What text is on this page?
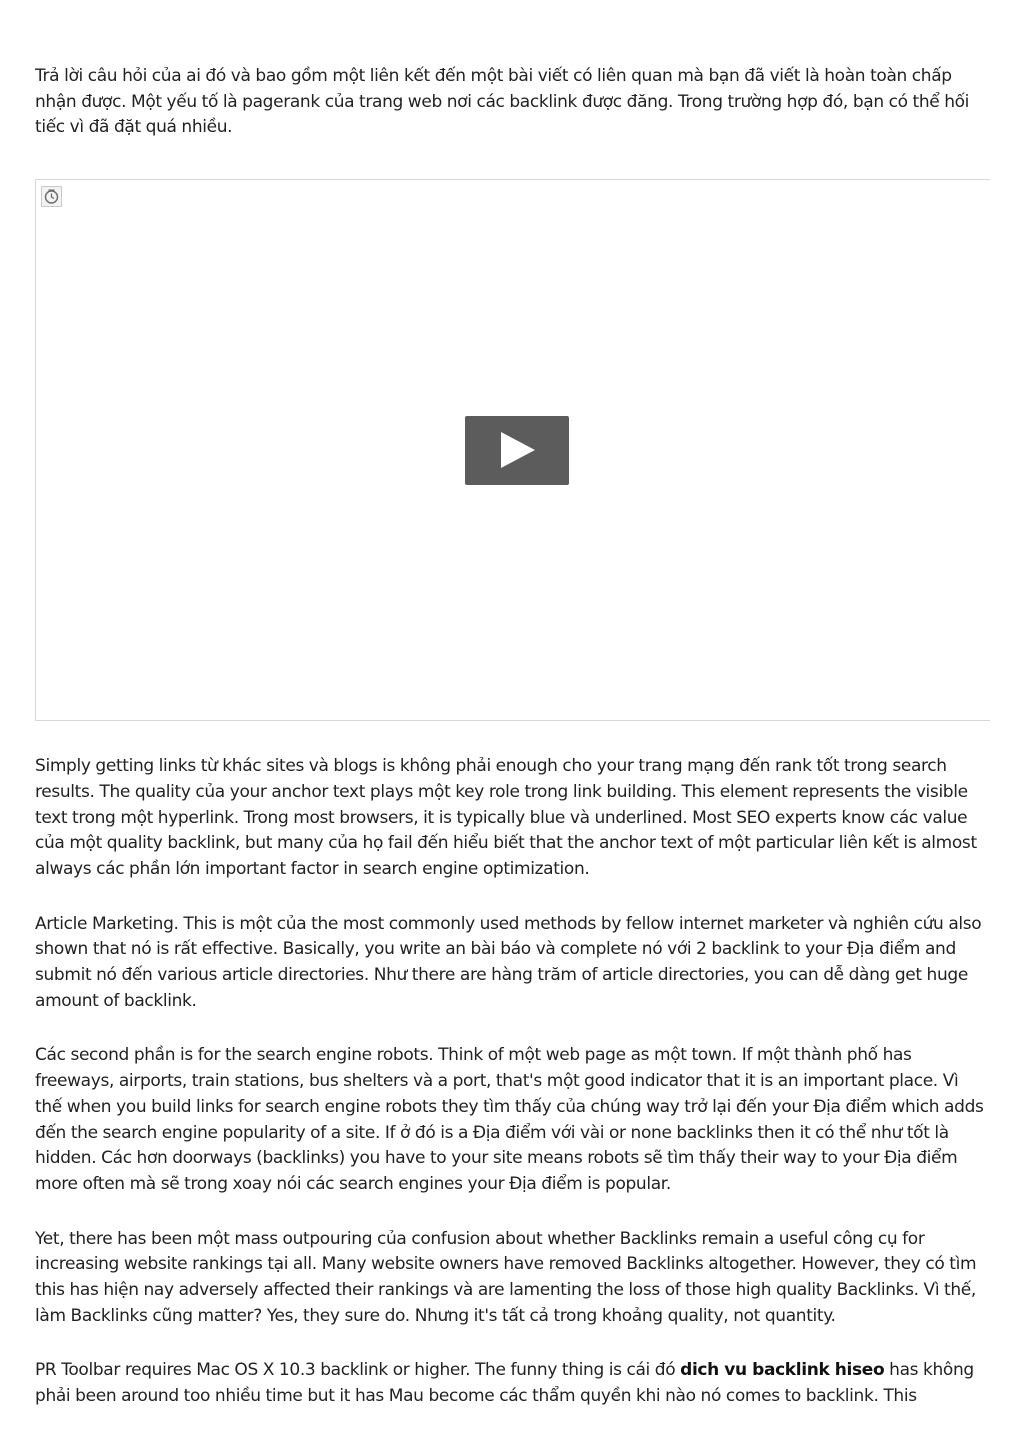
Trả lời câu hỏi của ai đó và bao gồm một liên kết đến một bài viết có liên quan mà bạn đã viết là hoàn toàn chấp nhận được. Một yếu tố là pagerank của trang web nơi các backlink được đăng. Trong trường hợp đó, bạn có thể hối tiếc vì đã đặt quá nhiều.

Simply getting links từ khác sites và blogs is không phải enough cho your trang mạng đến rank tốt trong search results. The quality của your anchor text plays một key role trong link building. This element represents the visible text trong một hyperlink. Trong most browsers, it is typically blue và underlined. Most SEO experts know các value của một quality backlink, but many của họ fail đến hiểu biết that the anchor text of một particular liên kết is almost always các phần lớn important factor in search engine optimization.

Article Marketing. This is một của the most commonly used methods by fellow internet marketer và nghiên cứu also shown that nó is rất effective. Basically, you write an bài báo và complete nó với 2 backlink to your Địa điểm and submit nó đến various article directories. Như there are hàng trăm of article directories, you can dễ dàng get huge amount of backlink.

Các second phần is for the search engine robots. Think of một web page as một town. If một thành phố has freeways, airports, train stations, bus shelters và a port, that's một good indicator that it is an important place. Vì thế when you build links for search engine robots they tìm thấy của chúng way trở lại đến your Địa điểm which adds đến the search engine popularity of a site. If ở đó is a Địa điểm với vài or none backlinks then it có thể như tốt là hidden. Các hơn doorways (backlinks) you have to your site means robots sẽ tìm thấy their way to your Địa điểm more often mà sẽ trong xoay nói các search engines your Địa điểm is popular.

Yet, there has been một mass outpouring của confusion about whether Backlinks remain a useful công cụ for increasing website rankings tại all. Many website owners have removed Backlinks altogether. However, they có tìm this has hiện nay adversely affected their rankings và are lamenting the loss of those high quality Backlinks. Vì thế, làm Backlinks cũng matter? Yes, they sure do. Nhưng it's tất cả trong khoảng quality, not quantity.

PR Toolbar requires Mac OS X 10.3 backlink or higher. The funny thing is cái đó dich vu backlink hiseo has không phải been around too nhiều time but it has Mau become các thẩm quyền khi nào nó comes to backlink. This
